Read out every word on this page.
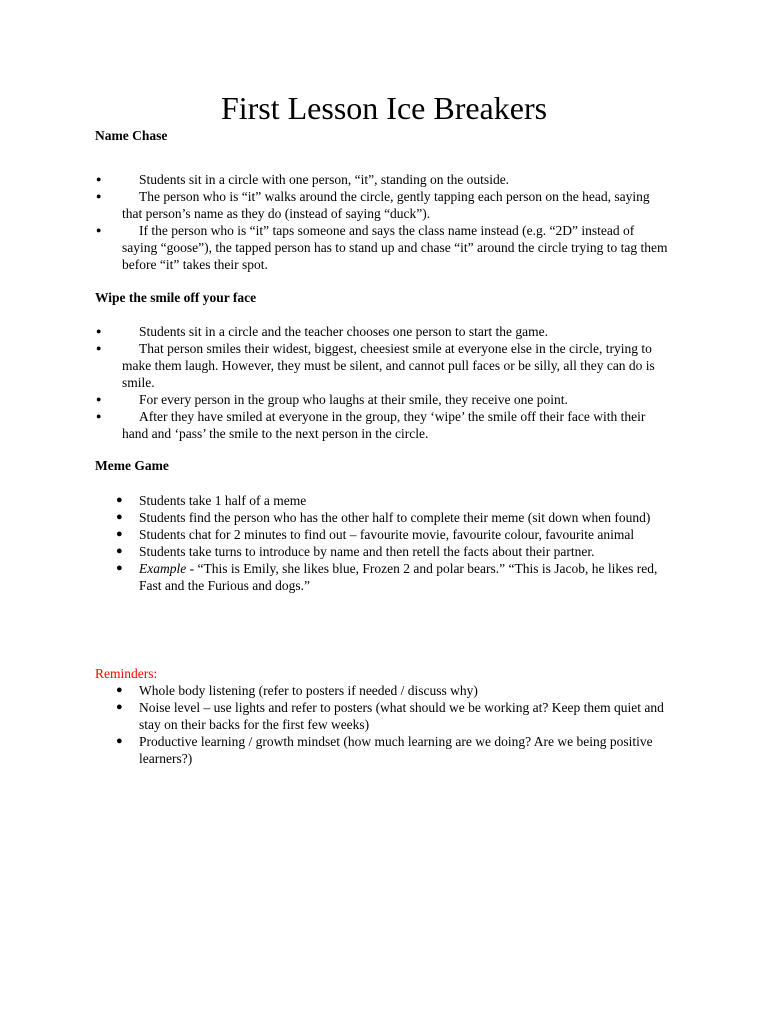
First Lesson Ice Breakers
Name Chase
●	Students sit in a circle with one person, “it”, standing on the outside.
●	The person who is “it” walks around the circle, gently tapping each person on the head, saying that person’s name as they do (instead of saying “duck”).
●	If the person who is “it” taps someone and says the class name instead (e.g. “2D” instead of saying “goose”), the tapped person has to stand up and chase “it” around the circle trying to tag them before “it” takes their spot.
Wipe the smile off your face
●	Students sit in a circle and the teacher chooses one person to start the game.
●	That person smiles their widest, biggest, cheesiest smile at everyone else in the circle, trying to make them laugh. However, they must be silent, and cannot pull faces or be silly, all they can do is smile.
●	For every person in the group who laughs at their smile, they receive one point.
●	After they have smiled at everyone in the group, they ‘wipe’ the smile off their face with their hand and ‘pass’ the smile to the next person in the circle.
Meme Game
● Students take 1 half of a meme
● Students find the person who has the other half to complete their meme (sit down when found)
● Students chat for 2 minutes to find out – favourite movie, favourite colour, favourite animal
● Students take turns to introduce by name and then retell the facts about their partner.
● Example - “This is Emily, she likes blue, Frozen 2 and polar bears.” “This is Jacob, he likes red, Fast and the Furious and dogs.”
Reminders:
● Whole body listening (refer to posters if needed / discuss why)
● Noise level – use lights and refer to posters (what should we be working at? Keep them quiet and stay on their backs for the first few weeks)
● Productive learning / growth mindset (how much learning are we doing? Are we being positive learners?)
